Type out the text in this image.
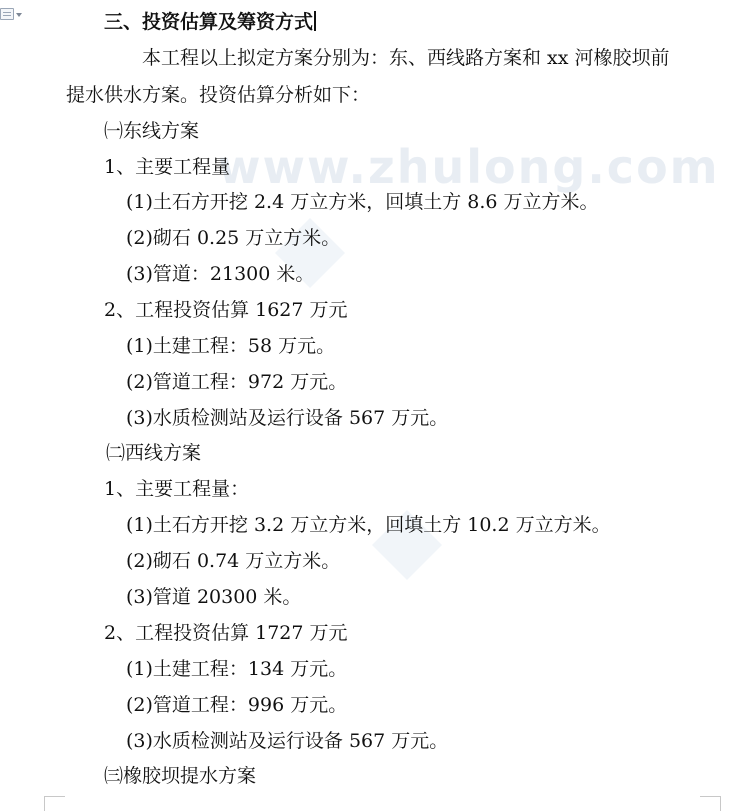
www.zhulong.com
三、投资估算及筹资方式
本工程以上拟定方案分别为：东、西线路方案和 xx 河橡胶坝前
提水供水方案。投资估算分析如下：
㈠东线方案
1、主要工程量
(1)土石方开挖 2.4 万立方米，回填土方 8.6 万立方米。
(2)砌石 0.25 万立方米。
(3)管道：21300 米。
2、工程投资估算 1627 万元
(1)土建工程：58 万元。
(2)管道工程：972 万元。
(3)水质检测站及运行设备 567 万元。
㈡西线方案
1、主要工程量：
(1)土石方开挖 3.2 万立方米，回填土方 10.2 万立方米。
(2)砌石 0.74 万立方米。
(3)管道 20300 米。
2、工程投资估算 1727 万元
(1)土建工程：134 万元。
(2)管道工程：996 万元。
(3)水质检测站及运行设备 567 万元。
㈢橡胶坝提水方案
